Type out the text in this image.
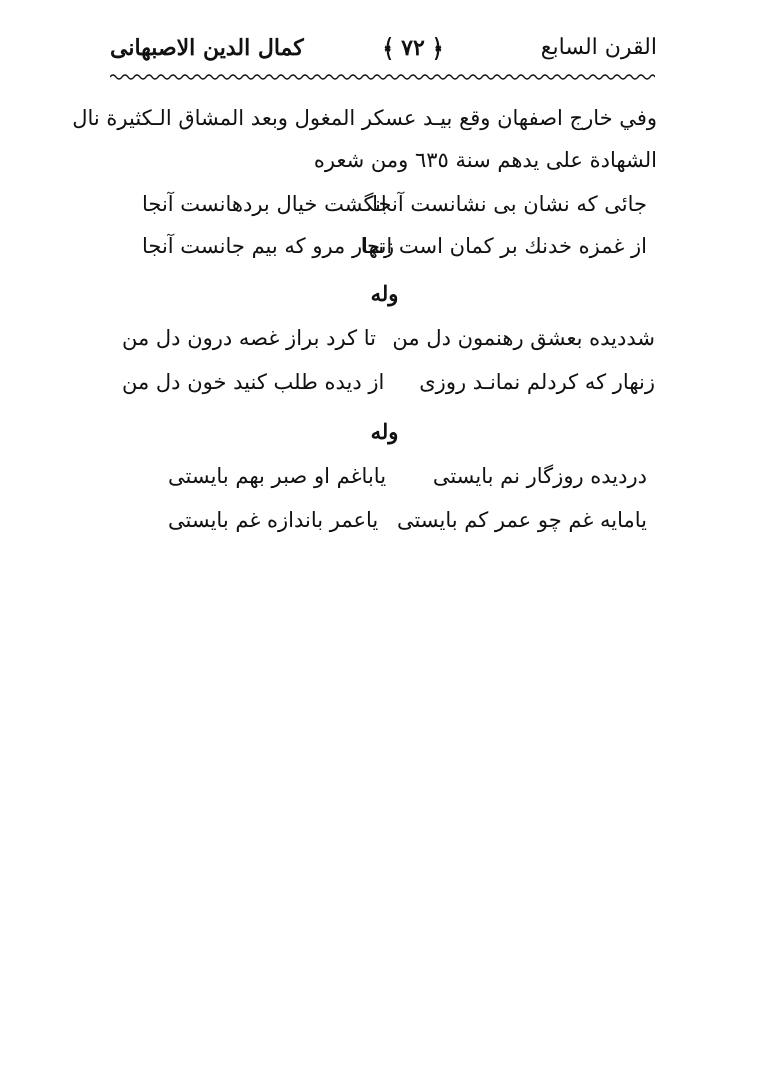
القرن السابع
﴾ ٧٢ ﴿
كمال الدين الاصبهانى
وفي خارج اصفهان وقع بيـد عسكر المغول وبعد المشاق الـكثيرة نال
الشهادة على يدهم سنة ٦٣٥ ومن شعره
جائى كه نشان بى نشانست آنجا
انگشت خيال بردهانست آنجا
از غمزه خدنك بر كمان است انجا
زنهار مرو كه بيم جانست آنجا
وله
شدديده بعشق رهنمون دل من
تا كرد براز غصه درون دل من
زنهار كه كردلم نمانـد روزى
از ديده طلب كنيد خون دل من
وله
دردیده روزگار نم بایستی
یاباغم او صبر بهم بایستی
یامایه غم چو عمر كم بایستی
یاعمر باندازه غم بایستی
